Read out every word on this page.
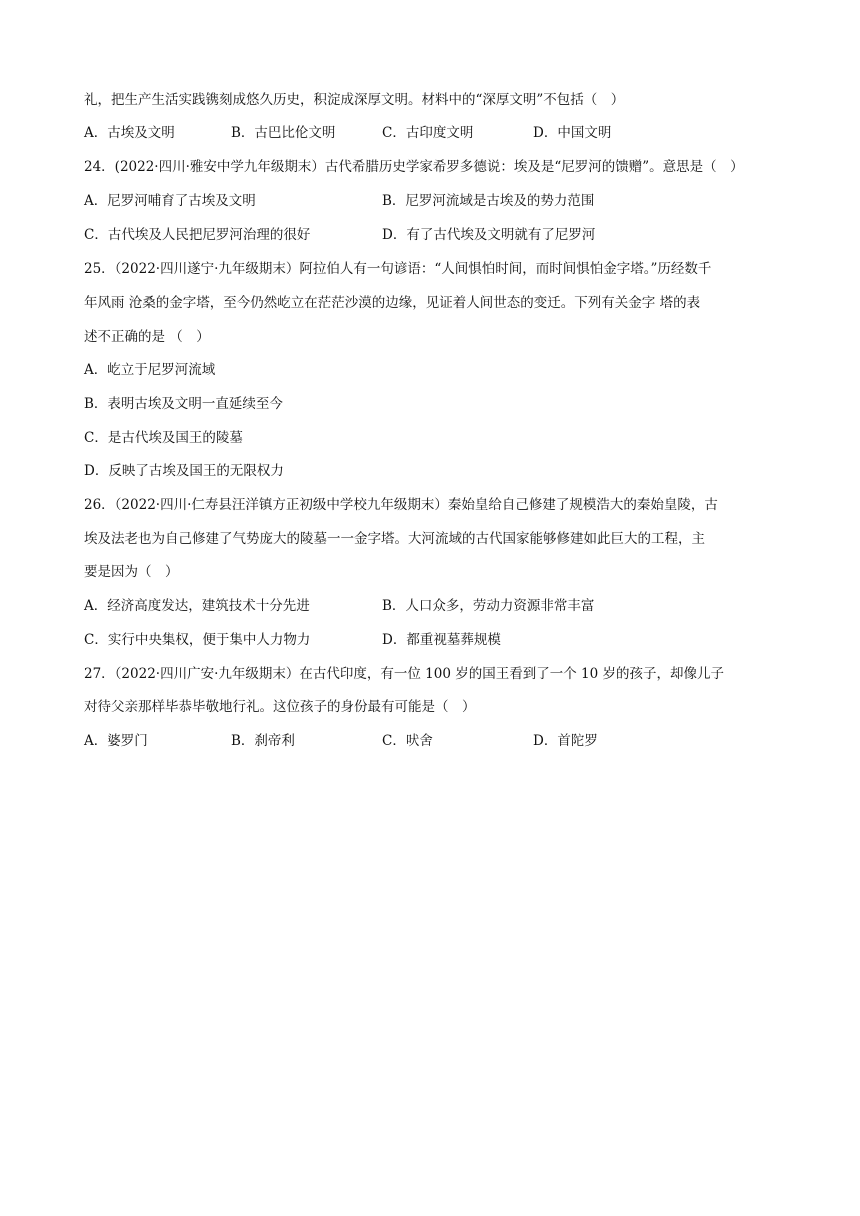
礼，把生产生活实践镌刻成悠久历史，积淀成深厚文明。材料中的“深厚文明”不包括（　）
A．古埃及文明	B．古巴比伦文明	C．古印度文明	D．中国文明
24．(2022·四川·雅安中学九年级期末）古代希腊历史学家希罗多德说：埃及是“尼罗河的馈赠”。意思是（　）
A．尼罗河哺育了古埃及文明	B．尼罗河流域是古埃及的势力范围
C．古代埃及人民把尼罗河治理的很好	D．有了古代埃及文明就有了尼罗河
25．（2022·四川遂宁·九年级期末）阿拉伯人有一句谚语：“人间惧怕时间，而时间惧怕金字塔。”历经数千
年风雨 沧桑的金字塔，至今仍然屹立在茫茫沙漠的边缘，见证着人间世态的变迁。下列有关金字 塔的表
述不正确的是 （　）
A．屹立于尼罗河流域
B．表明古埃及文明一直延续至今
C．是古代埃及国王的陵墓
D．反映了古埃及国王的无限权力
26．（2022·四川·仁寿县汪洋镇方正初级中学校九年级期末）秦始皇给自己修建了规模浩大的秦始皇陵，古
埃及法老也为自己修建了气势庞大的陵墓一一金字塔。大河流域的古代国家能够修建如此巨大的工程，主
要是因为（　）
A．经济高度发达，建筑技术十分先进	B．人口众多，劳动力资源非常丰富
C．实行中央集权，便于集中人力物力	D．都重视墓葬规模
27．（2022·四川广安·九年级期末）在古代印度，有一位 100 岁的国王看到了一个 10 岁的孩子，却像儿子
对待父亲那样毕恭毕敬地行礼。这位孩子的身份最有可能是（　）
A．婆罗门	B．刹帝利	C．吠舍	D．首陀罗
